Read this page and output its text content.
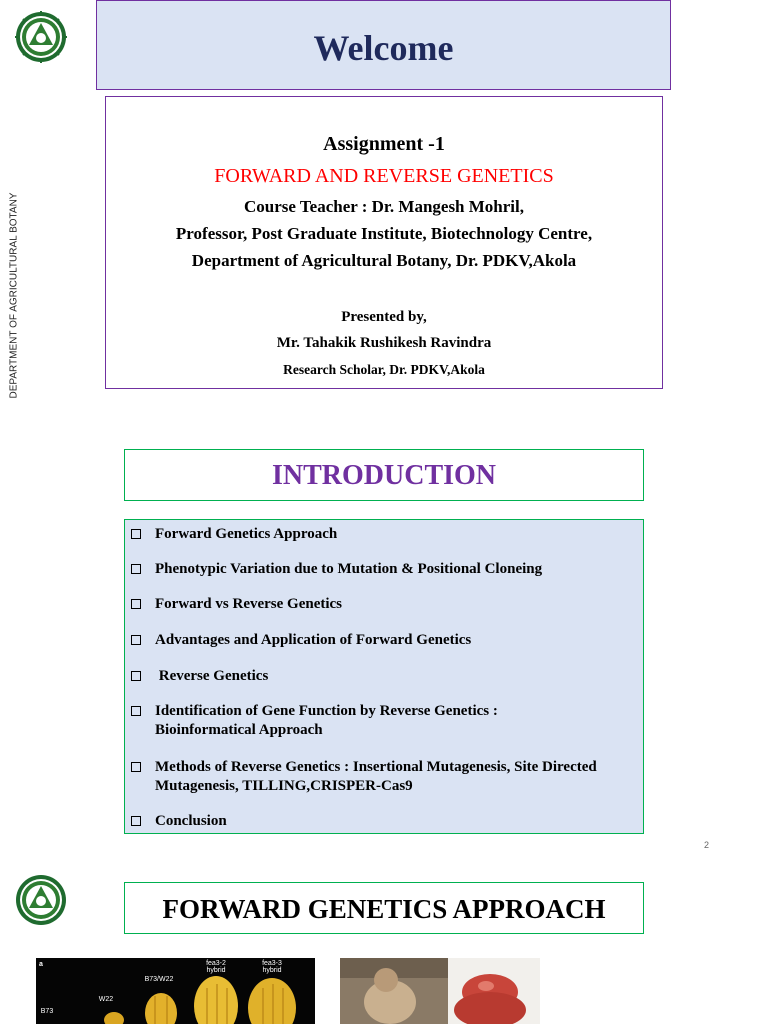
Welcome
DEPARTMENT OF AGRICULTURAL BOTANY
Assignment -1
FORWARD AND REVERSE GENETICS
Course Teacher : Dr. Mangesh Mohril,
Professor, Post Graduate Institute, Biotechnology Centre,
Department of Agricultural Botany, Dr. PDKV,Akola
Presented by,
Mr. Tahakik Rushikesh Ravindra
Research Scholar, Dr. PDKV,Akola
INTRODUCTION
Forward Genetics Approach
Phenotypic Variation due to Mutation & Positional Cloneing
Forward vs Reverse Genetics
Advantages and Application of Forward Genetics
Reverse Genetics
Identification of Gene Function by Reverse Genetics : Bioinformatical Approach
Methods of Reverse Genetics : Insertional Mutagenesis, Site Directed Mutagenesis, TILLING,CRISPER-Cas9
Conclusion
2
FORWARD GENETICS APPROACH
a
B73
W22
B73/W22
fea3-2 hybrid
fea3-3 hybrid
